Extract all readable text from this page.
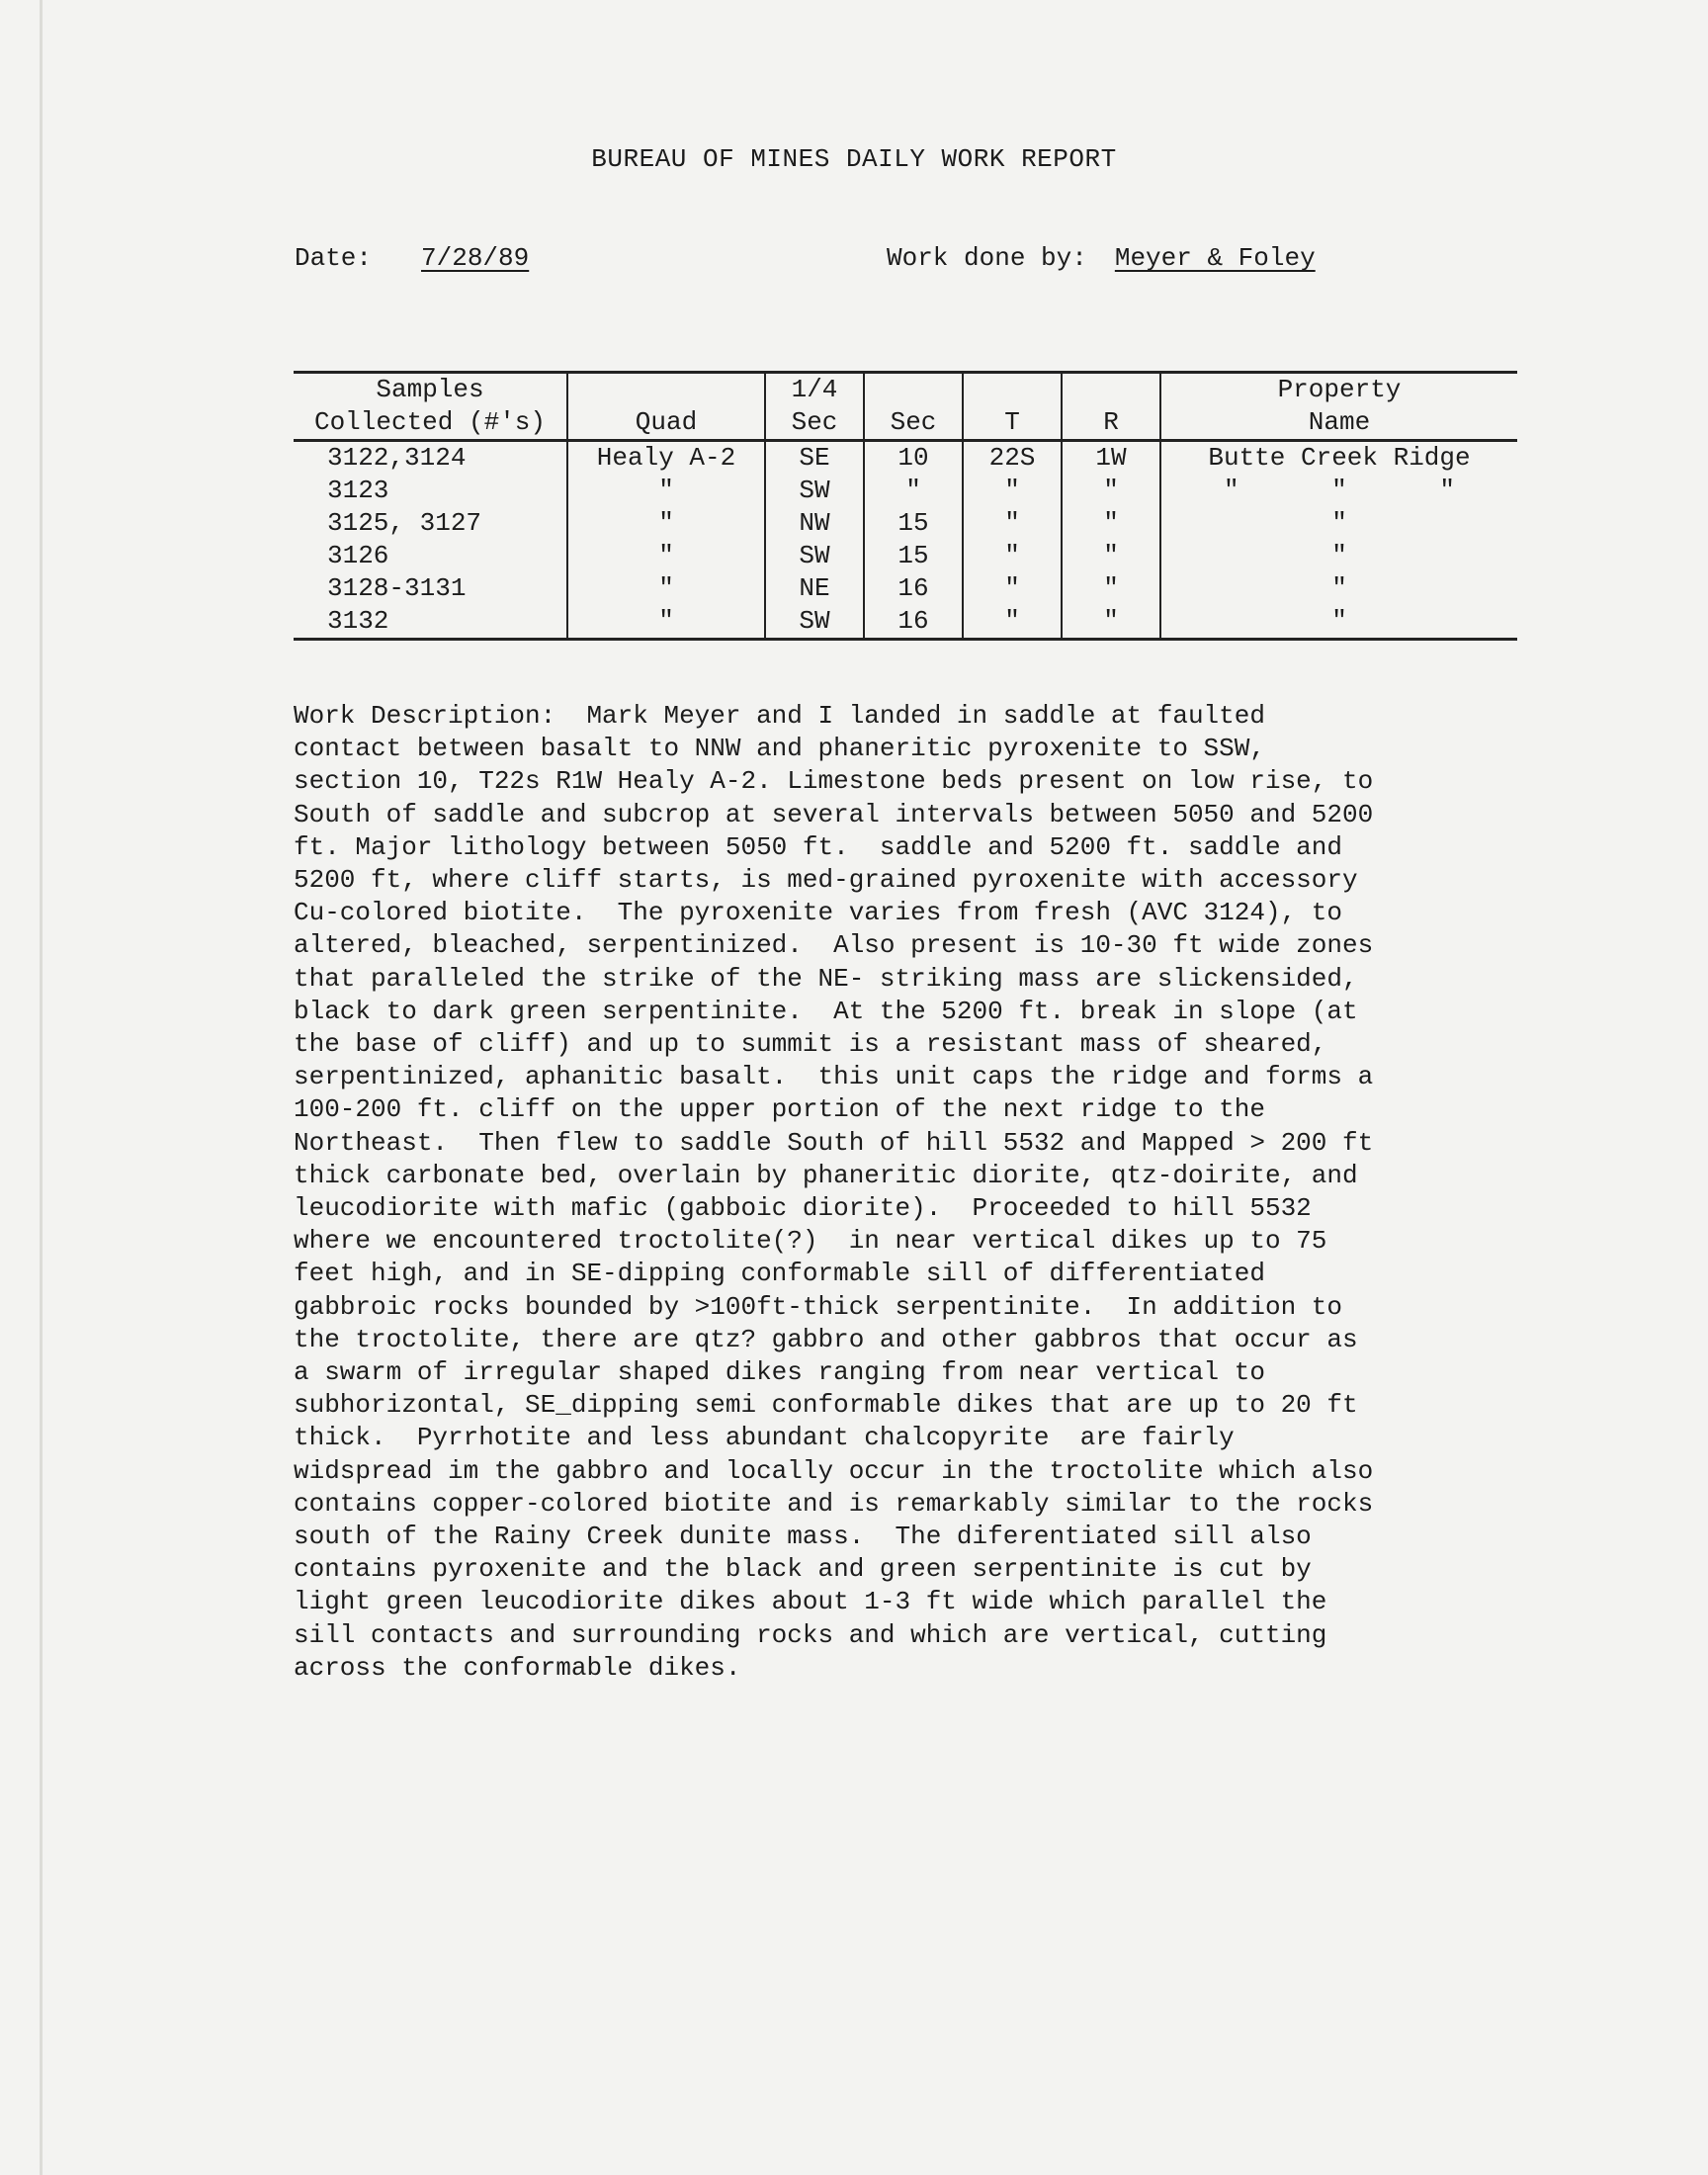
BUREAU OF MINES DAILY WORK REPORT
Date: 7/28/89	Work done by: Meyer & Foley
Samples		1/4				Property
Collected (#'s)	Quad	Sec	Sec	T	R	Name
3122,3124	Healy A-2	SE	10	22S	1W	Butte Creek Ridge
3123	"	SW	"	"	"	"      "      "
3125, 3127	"	NW	15	"	"	"
3126	"	SW	15	"	"	"
3128-3131	"	NE	16	"	"	"
3132	"	SW	16	"	"	"
Work Description:  Mark Meyer and I landed in saddle at faulted
contact between basalt to NNW and phaneritic pyroxenite to SSW,
section 10, T22s R1W Healy A-2. Limestone beds present on low rise, to
South of saddle and subcrop at several intervals between 5050 and 5200
ft. Major lithology between 5050 ft.  saddle and 5200 ft. saddle and
5200 ft, where cliff starts, is med-grained pyroxenite with accessory
Cu-colored biotite.  The pyroxenite varies from fresh (AVC 3124), to
altered, bleached, serpentinized.  Also present is 10-30 ft wide zones
that paralleled the strike of the NE- striking mass are slickensided,
black to dark green serpentinite.  At the 5200 ft. break in slope (at
the base of cliff) and up to summit is a resistant mass of sheared,
serpentinized, aphanitic basalt.  this unit caps the ridge and forms a
100-200 ft. cliff on the upper portion of the next ridge to the
Northeast.  Then flew to saddle South of hill 5532 and Mapped > 200 ft
thick carbonate bed, overlain by phaneritic diorite, qtz-doirite, and
leucodiorite with mafic (gabboic diorite).  Proceeded to hill 5532
where we encountered troctolite(?)  in near vertical dikes up to 75
feet high, and in SE-dipping conformable sill of differentiated
gabbroic rocks bounded by >100ft-thick serpentinite.  In addition to
the troctolite, there are qtz? gabbro and other gabbros that occur as
a swarm of irregular shaped dikes ranging from near vertical to
subhorizontal, SE_dipping semi conformable dikes that are up to 20 ft
thick.  Pyrrhotite and less abundant chalcopyrite  are fairly
widspread im the gabbro and locally occur in the troctolite which also
contains copper-colored biotite and is remarkably similar to the rocks
south of the Rainy Creek dunite mass.  The diferentiated sill also
contains pyroxenite and the black and green serpentinite is cut by
light green leucodiorite dikes about 1-3 ft wide which parallel the
sill contacts and surrounding rocks and which are vertical, cutting
across the conformable dikes.
